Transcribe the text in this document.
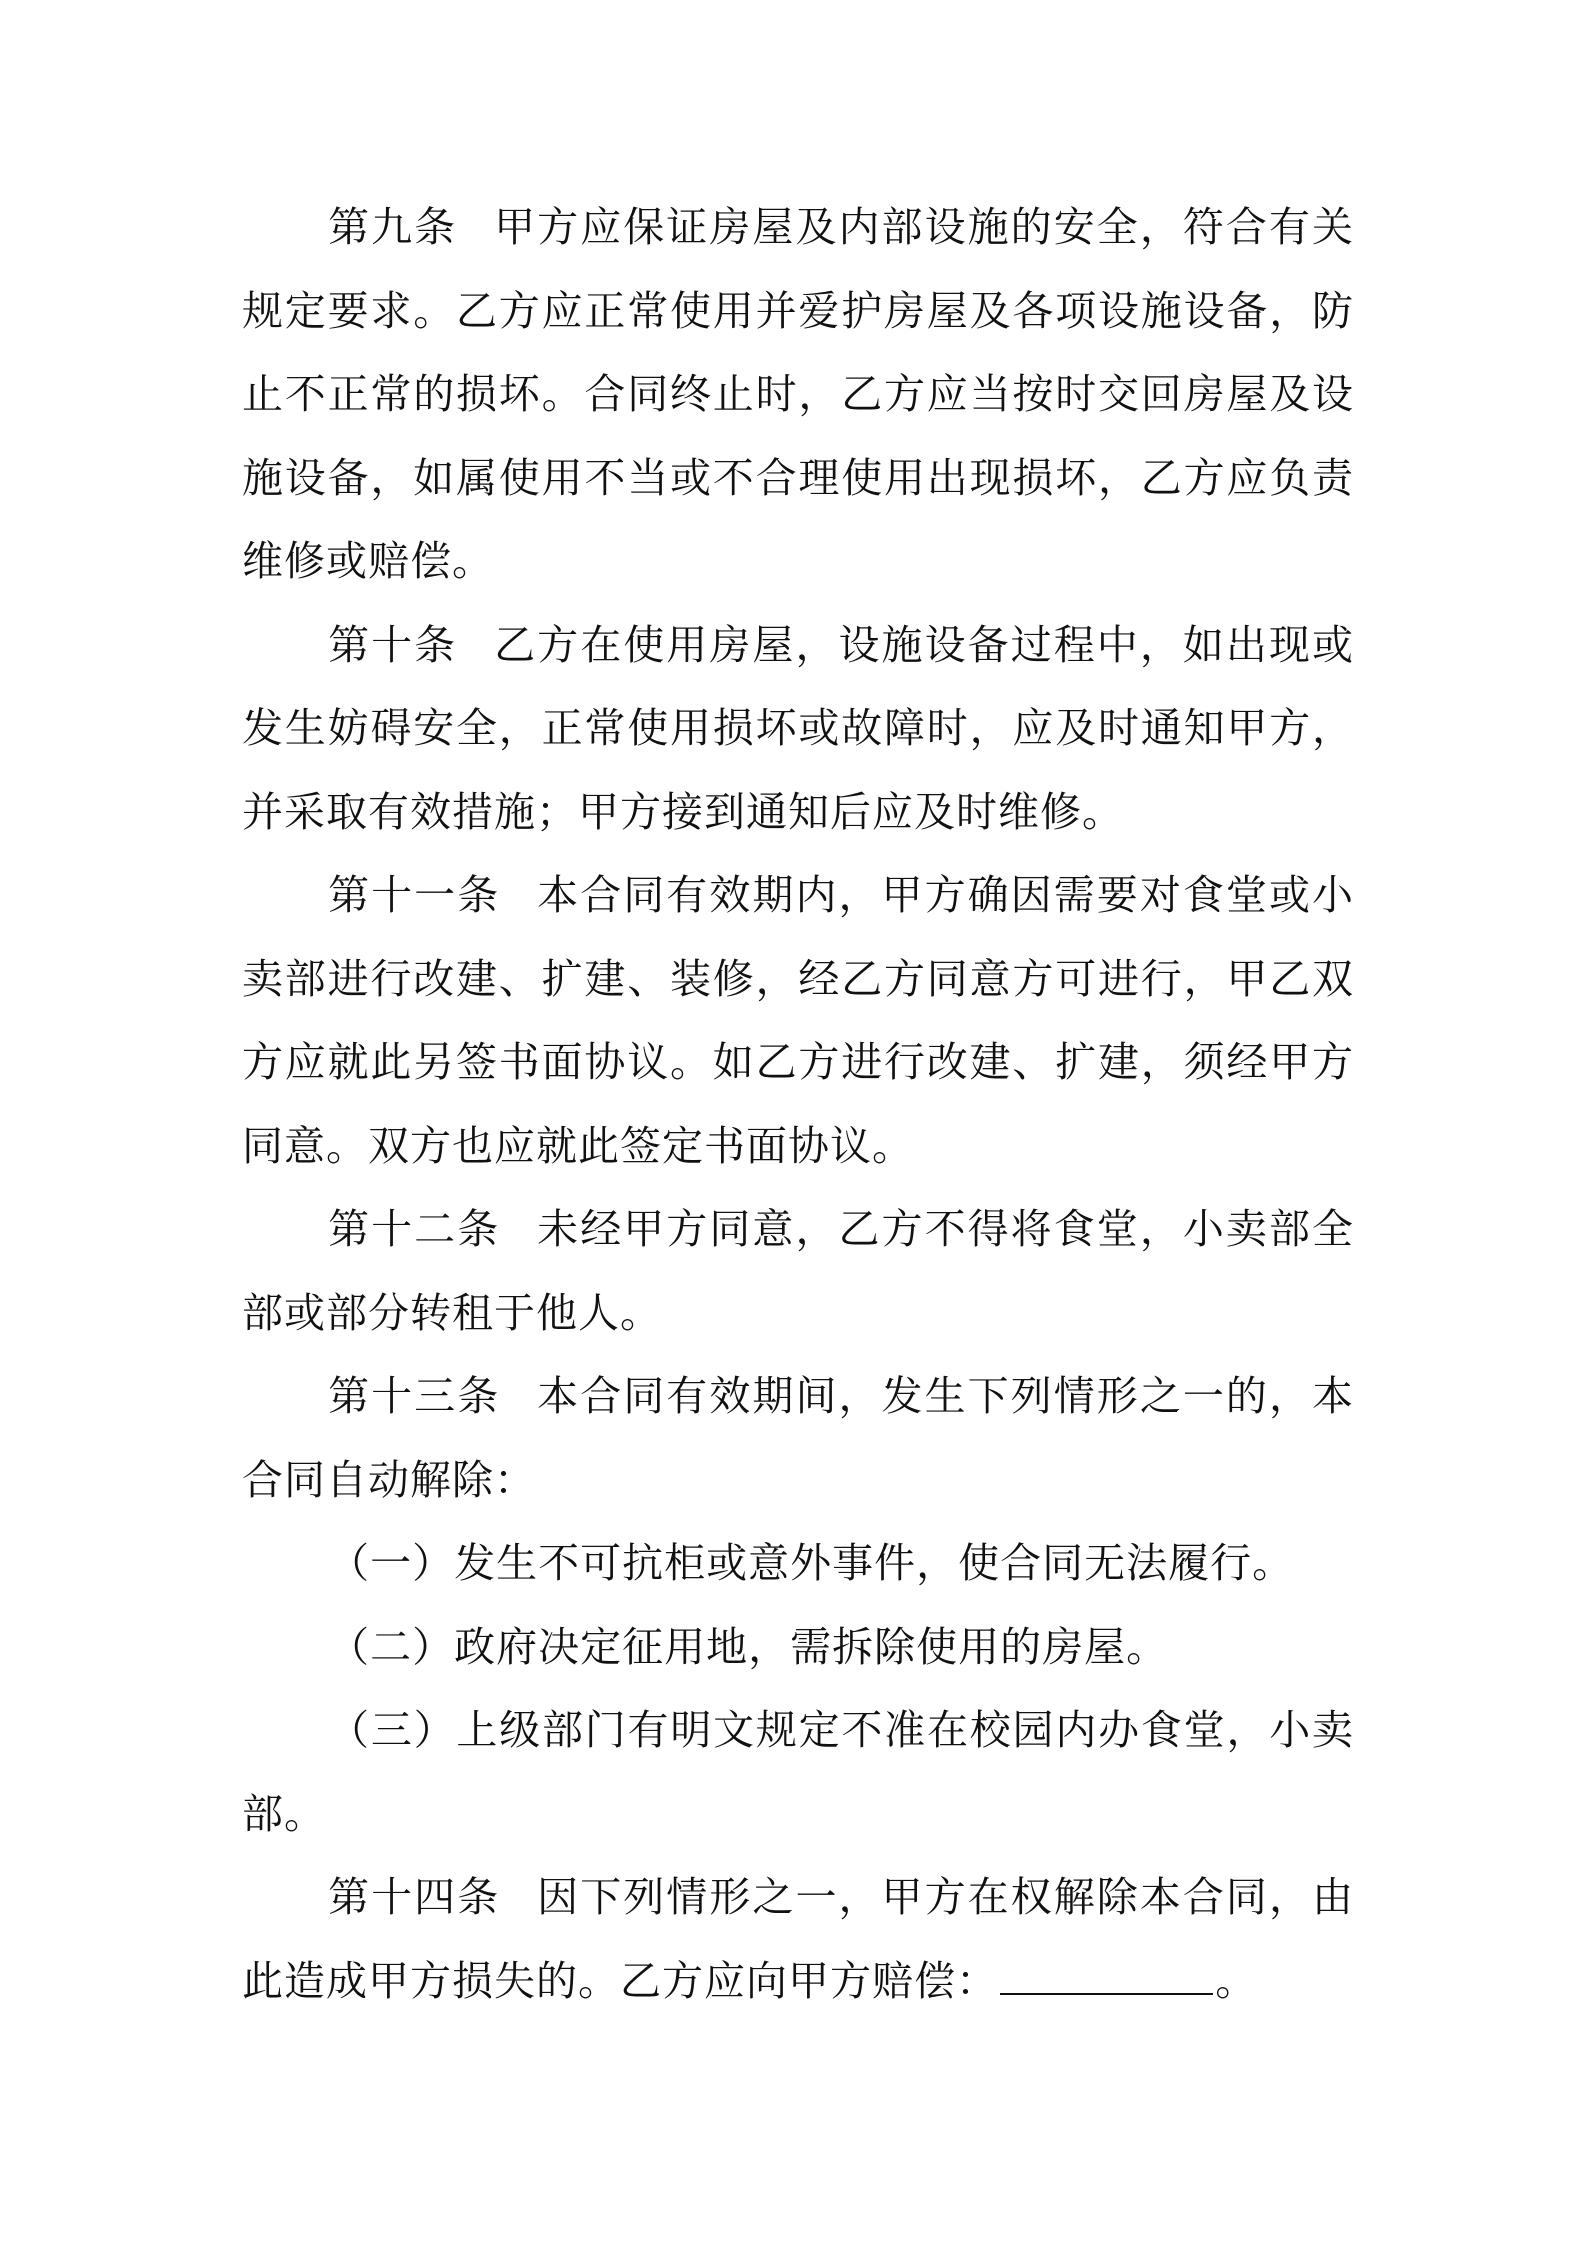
第九条 甲方应保证房屋及内部设施的安全，符合有关规定要求。乙方应正常使用并爱护房屋及各项设施设备，防止不正常的损坏。合同终止时，乙方应当按时交回房屋及设施设备，如属使用不当或不合理使用出现损坏，乙方应负责维修或赔偿。

第十条 乙方在使用房屋，设施设备过程中，如出现或发生妨碍安全，正常使用损坏或故障时，应及时通知甲方，并采取有效措施；甲方接到通知后应及时维修。

第十一条 本合同有效期内，甲方确因需要对食堂或小卖部进行改建、扩建、装修，经乙方同意方可进行，甲乙双方应就此另签书面协议。如乙方进行改建、扩建，须经甲方同意。双方也应就此签定书面协议。

第十二条 未经甲方同意，乙方不得将食堂，小卖部全部或部分转租于他人。

第十三条 本合同有效期间，发生下列情形之一的，本合同自动解除：

（一）发生不可抗柜或意外事件，使合同无法履行。

（二）政府决定征用地，需拆除使用的房屋。

（三）上级部门有明文规定不准在校园内办食堂，小卖部。

第十四条 因下列情形之一，甲方在权解除本合同，由此造成甲方损失的。乙方应向甲方赔偿：	。
